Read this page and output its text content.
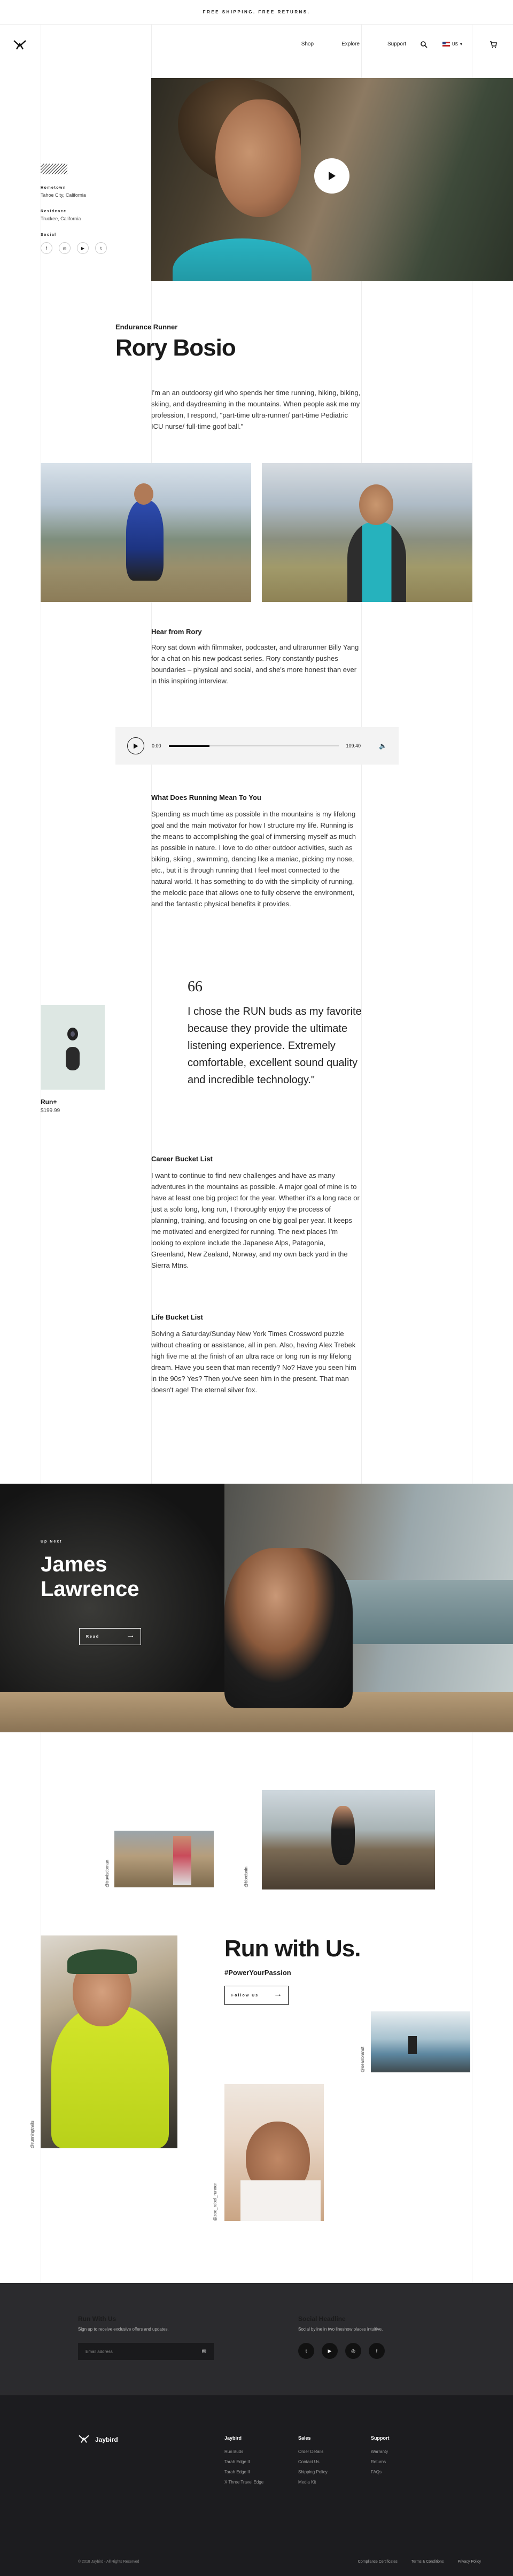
FREE SHIPPING. FREE RETURNS.
Shop	Explore	Support	US ▾
Hometown
Tahoe City, California
Residence
Truckee, California
Social
f	◎	▶	t
Endurance Runner
Rory Bosio
I'm an an outdoorsy girl who spends her time running, hiking, biking, skiing, and daydreaming in the mountains. When people ask me my profession, I respond, "part-time ultra-runner/ part-time Pediatric ICU nurse/ full-time goof ball."
Hear from Rory
Rory sat down with filmmaker, podcaster, and ultrarunner Billy Yang for a chat on his new podcast series. Rory constantly pushes boundaries – physical and social, and she's more honest than ever in this inspiring interview.
0:00	109:40	🔈
What Does Running Mean To You
Spending as much time as possible in the mountains is my lifelong goal and the main motivator for how I structure my life. Running is the means to accomplishing the goal of immersing myself as much as possible in nature. I love to do other outdoor activities, such as biking, skiing , swimming, dancing like a maniac, picking my nose, etc., but it is through running that I feel most connected to the natural world. It has something to do with the simplicity of running, the melodic pace that allows one to fully observe the environment, and the fantastic physical benefits it provides.
Run+
$199.99
66
I chose the RUN buds as my favorite because they provide the ultimate listening experience. Extremely comfortable, excellent sound quality and incredible technology."
Career Bucket List
I want to continue to find new challenges and have as many adventures in the mountains as possible. A major goal of mine is to have at least one big project for the year. Whether it's a long race or just a solo long, long run, I thoroughly enjoy the process of planning, training, and focusing on one big goal per year. It keeps me motivated and energized for running. The next places I'm looking to explore include the Japanese Alps, Patagonia, Greenland, New Zealand, Norway, and my own back yard in the Sierra Mtns.
Life Bucket List
Solving a Saturday/Sunday New York Times Crossword puzzle without cheating or assistance, all in pen. Also, having Alex Trebek high five me at the finish of an ultra race or long run is my lifelong dream. Have you seen that man recently? No? Have you seen him in the 90s? Yes? Then you've seen him in the present. That man doesn't age! The eternal silver fox.
Up Next
James
Lawrence
Read	⟶
@travisdoman	@bbrdsnin
@runningtrails
Run with Us.
#PowerYourPassion
Follow Us	⟶
@seanbrandt
@zoe_rebel_runner
Run With Us
Sign up to receive exclusive offers and updates.
Email address	✉
Social Headline
Social byline in two lineshow places intuitive.
t	▶	◎	f
Jaybird	Jaybird
Run Buds
Tarah Edge II
Tarah Edge II
X Three Travel Edge
Sales
Order Details
Contact Us
Shipping Policy
Media Kit
Support
Warranty
Returns
FAQs
© 2018 Jaybird - All Rights Reserved	Compliance Certificates	Terms & Conditions	Privacy Policy
